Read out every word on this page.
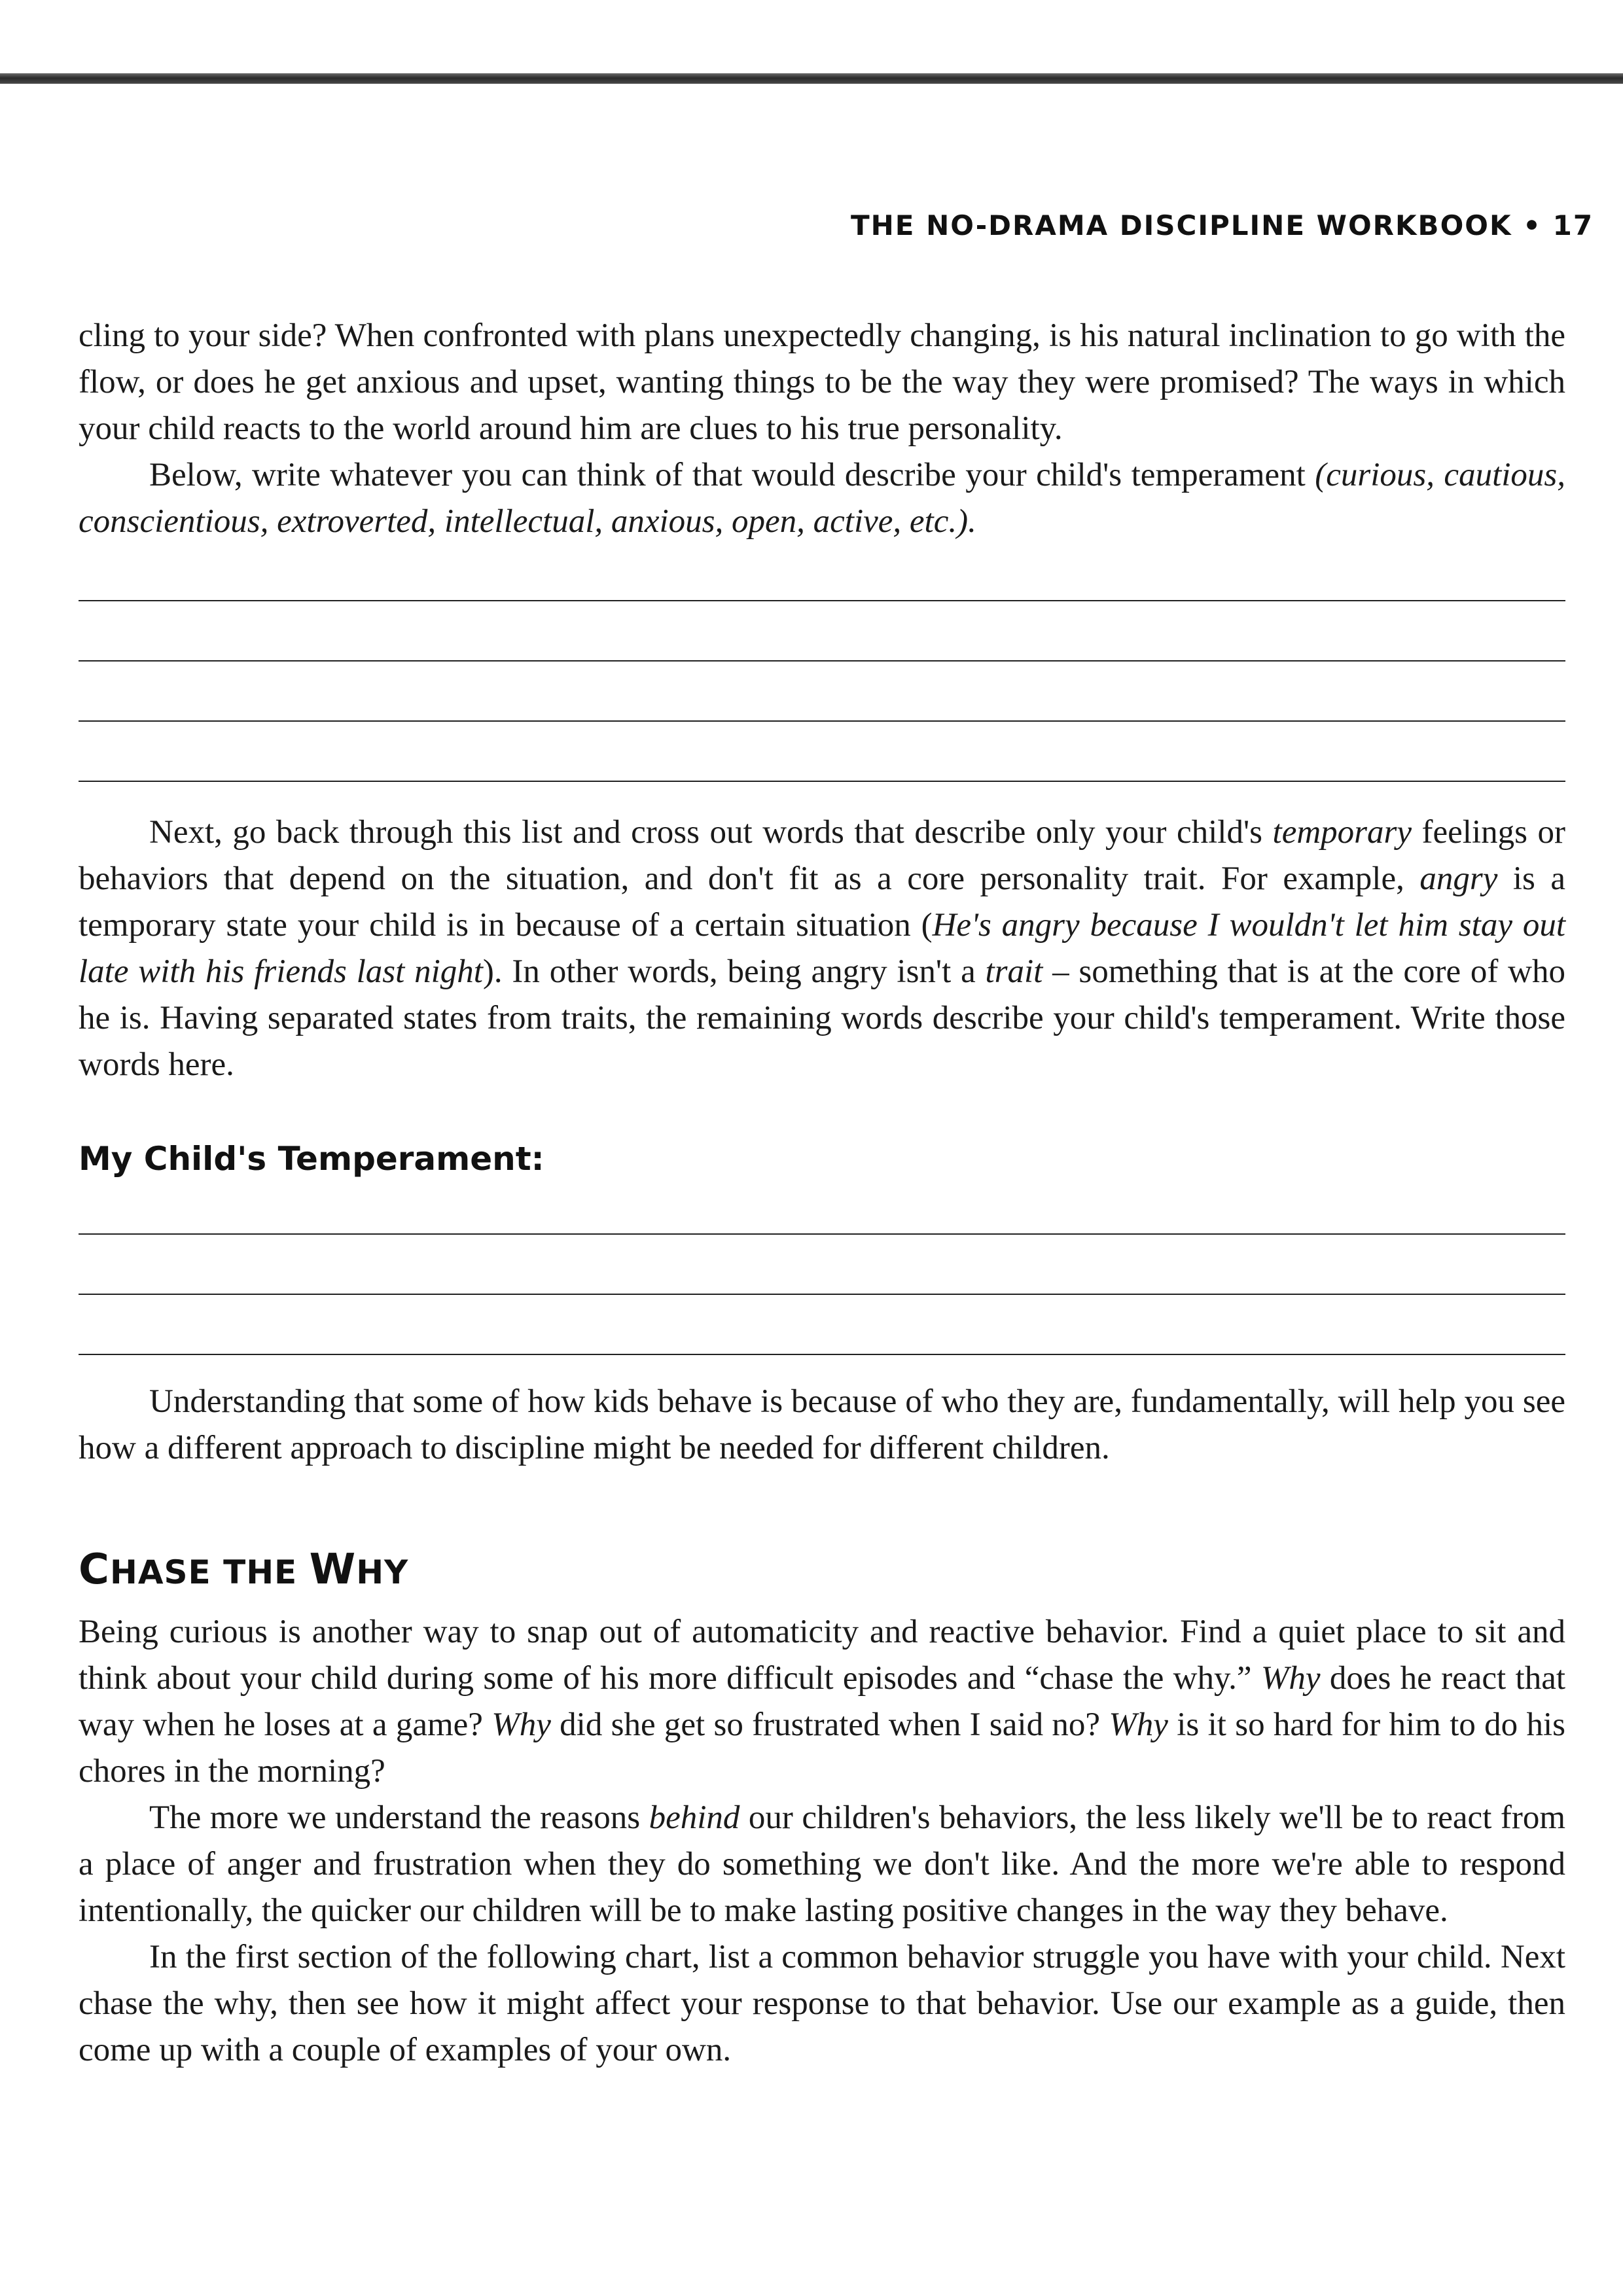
THE NO-DRAMA DISCIPLINE WORKBOOK • 17

cling to your side? When confronted with plans unexpectedly changing, is his natural inclination to go with the flow, or does he get anxious and upset, wanting things to be the way they were promised? The ways in which your child reacts to the world around him are clues to his true personality.

Below, write whatever you can think of that would describe your child's temperament (curious, cautious, conscientious, extroverted, intellectual, anxious, open, active, etc.).

Next, go back through this list and cross out words that describe only your child's temporary feelings or behaviors that depend on the situation, and don't fit as a core personality trait. For example, angry is a temporary state your child is in because of a certain situation (He's angry because I wouldn't let him stay out late with his friends last night). In other words, being angry isn't a trait – something that is at the core of who he is. Having separated states from traits, the remaining words describe your child's temperament. Write those words here.

My Child's Temperament:

Understanding that some of how kids behave is because of who they are, fundamentally, will help you see how a different approach to discipline might be needed for different children.

CHASE THE WHY

Being curious is another way to snap out of automaticity and reactive behavior. Find a quiet place to sit and think about your child during some of his more difficult episodes and “chase the why.” Why does he react that way when he loses at a game? Why did she get so frustrated when I said no? Why is it so hard for him to do his chores in the morning?

The more we understand the reasons behind our children's behaviors, the less likely we'll be to react from a place of anger and frustration when they do something we don't like. And the more we're able to respond intentionally, the quicker our children will be to make lasting positive changes in the way they behave.

In the first section of the following chart, list a common behavior struggle you have with your child. Next chase the why, then see how it might affect your response to that behavior. Use our example as a guide, then come up with a couple of examples of your own.
